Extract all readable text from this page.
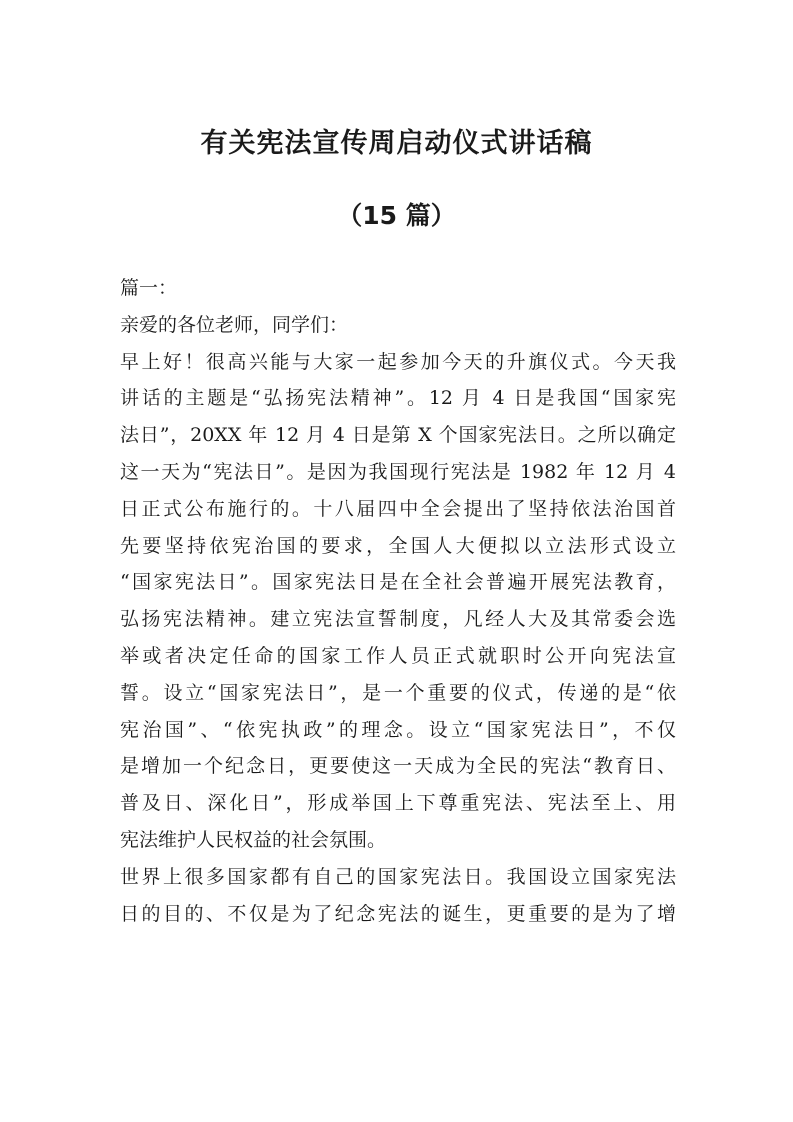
有关宪法宣传周启动仪式讲话稿
（15 篇）

篇一：

亲爱的各位老师，同学们：

早上好！很高兴能与大家一起参加今天的升旗仪式。今天我

讲话的主题是“弘扬宪法精神”。12 月 4 日是我国“国家宪

法日”，20XX 年 12 月 4 日是第 X 个国家宪法日。之所以确定

这一天为“宪法日”。是因为我国现行宪法是 1982 年 12 月 4

日正式公布施行的。十八届四中全会提出了坚持依法治国首

先要坚持依宪治国的要求，全国人大便拟以立法形式设立

“国家宪法日”。国家宪法日是在全社会普遍开展宪法教育，

弘扬宪法精神。建立宪法宣誓制度，凡经人大及其常委会选

举或者决定任命的国家工作人员正式就职时公开向宪法宣

誓。设立“国家宪法日”，是一个重要的仪式，传递的是“依

宪治国”、“依宪执政”的理念。设立“国家宪法日”，不仅

是增加一个纪念日，更要使这一天成为全民的宪法“教育日、

普及日、深化日”，形成举国上下尊重宪法、宪法至上、用

宪法维护人民权益的社会氛围。

世界上很多国家都有自己的国家宪法日。我国设立国家宪法

日的目的、不仅是为了纪念宪法的诞生，更重要的是为了增
